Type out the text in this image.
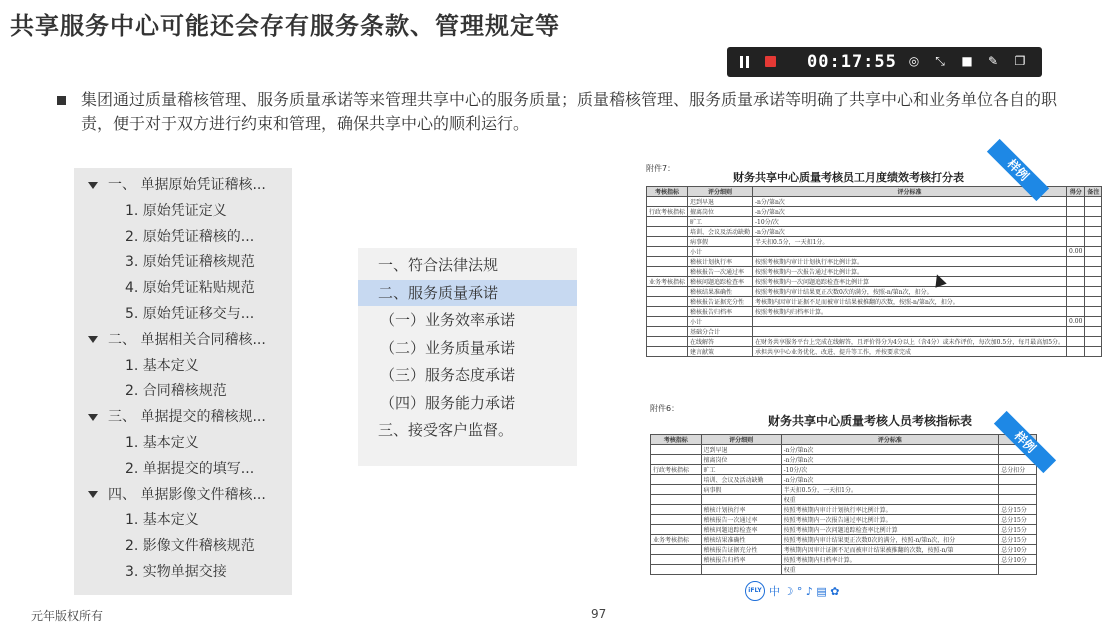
共享服务中心可能还会存有服务条款、管理规定等
00:17:55 ◎ ⤡ ■ ✎ ❐
集团通过质量稽核管理、服务质量承诺等来管理共享中心的服务质量；质量稽核管理、服务质量承诺等明确了共享中心和业务单位各自的职责，便于对于双方进行约束和管理，确保共享中心的顺利运行。
一、 单据原始凭证稽核...
1. 原始凭证定义
2. 原始凭证稽核的...
3. 原始凭证稽核规范
4. 原始凭证粘贴规范
5. 原始凭证移交与...
二、 单据相关合同稽核...
1. 基本定义
2. 合同稽核规范
三、 单据提交的稽核规...
1. 基本定义
2. 单据提交的填写...
四、 单据影像文件稽核...
1. 基本定义
2. 影像文件稽核规范
3. 实物单据交接
一、符合法律法规
二、服务质量承诺
（一）业务效率承诺
（二）业务质量承诺
（三）服务态度承诺
（四）服务能力承诺
三、接受客户监督。
附件7：
财务共享中心质量考核员工月度绩效考核打分表
考核指标	评分细则	评分标准	得分	备注
	迟到早退	-n分/第n次		
行政考核指标	擅离岗位	-n分/第n次		
	旷工	-10分/次		
	培训、会议及活动缺勤	-n分/第n次		
	病事假	半天扣0.5分，一天扣1分。		
	小计		0.00	
	稽核计划执行率	按照考核期内审计计划执行率比例计算。		
	稽核报告一次通过率	按照考核期内一次报告通过率比例计算。		
业务考核指标	稽核问题追踪检查率	按照考核期内一次问题追踪检查率比例计算		
	稽核结果准确性	按照考核期内审计结果更正次数0次的满分，按照-n/第n次，扣分。		
	稽核报告证据充分性	考核期内因审计证据不足而被审计结果被推翻的次数，按照-n/第n次，扣分。		
	稽核报告归档率	按照考核期内归档率计算。		
	小计		0.00	
	基础分合计			
	在线解答	在财务共享服务平台上完成在线解答，且评价得分为4分以上（含4分）或未作评价，每次加0.5分，每月最高加5分。		
	建言献策	承担共享中心业务优化、改进、提升等工作，并按要求完成		
样例
附件6：
财务共享中心质量考核人员考核指标表
考核指标	评分细则	评分标准	
	迟到早退	-n分/第n次	
	擅离岗位	-n分/第n次	
行政考核指标	旷工	-10分/次	总分扣分
	培训、会议及活动缺勤	-n分/第n次	
	病事假	半天扣0.5分，一天扣1分。	
		权重	
	稽核计划执行率	按照考核期内审计计划执行率比例计算。	总分15分
	稽核报告一次通过率	按照考核期内一次报告通过率比例计算。	总分15分
	稽核问题追踪检查率	按照考核期内一次问题追踪检查率比例计算	总分15分
业务考核指标	稽核结果准确性	按照考核期内审计结果更正次数0次的满分，按照-n/第n次，扣分	总分15分
	稽核报告证据充分性	考核期内因审计证据不足而被审计结果被推翻的次数，按照-n/第	总分10分
	稽核报告归档率	按照考核期内归档率计算。	总分10分
		权重	
样例
iFLY 中 ☽ ° ♪ ▤ ✿
元年版权所有	97
